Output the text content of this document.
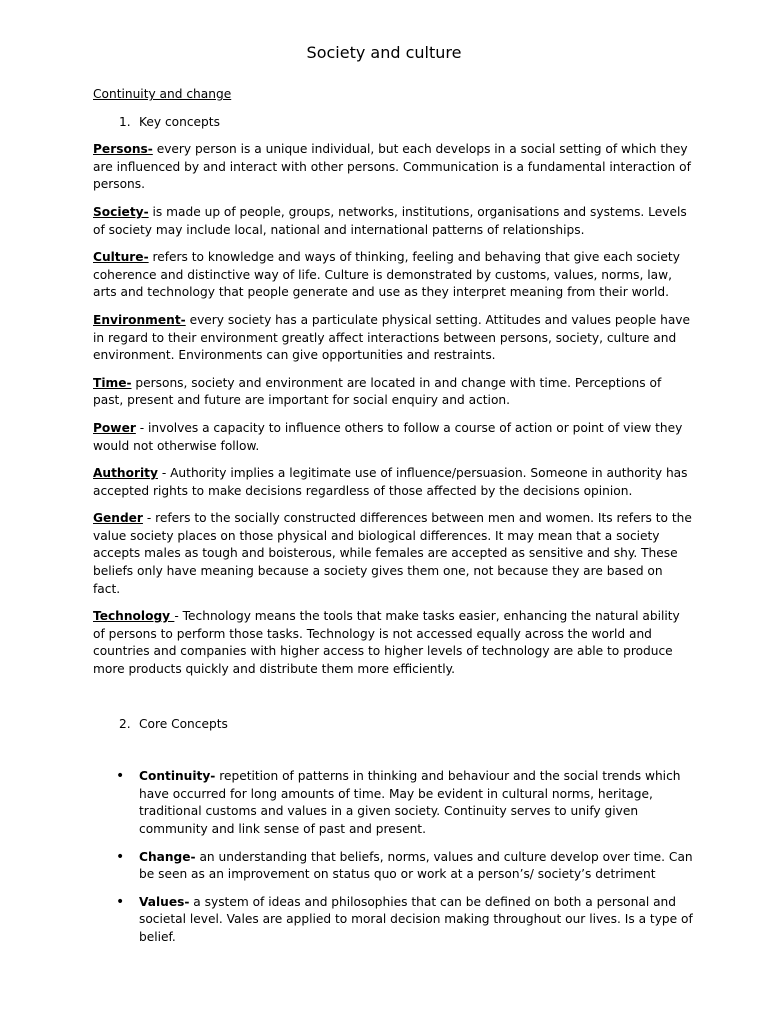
Society and culture
Continuity and change
1. Key concepts
Persons- every person is a unique individual, but each develops in a social setting of which they are influenced by and interact with other persons. Communication is a fundamental interaction of persons.
Society- is made up of people, groups, networks, institutions, organisations and systems. Levels of society may include local, national and international patterns of relationships.
Culture- refers to knowledge and ways of thinking, feeling and behaving that give each society coherence and distinctive way of life. Culture is demonstrated by customs, values, norms, law, arts and technology that people generate and use as they interpret meaning from their world.
Environment- every society has a particulate physical setting. Attitudes and values people have in regard to their environment greatly affect interactions between persons, society, culture and environment. Environments can give opportunities and restraints.
Time- persons, society and environment are located in and change with time. Perceptions of past, present and future are important for social enquiry and action.
Power - involves a capacity to influence others to follow a course of action or point of view they would not otherwise follow.
Authority - Authority implies a legitimate use of influence/persuasion. Someone in authority has accepted rights to make decisions regardless of those affected by the decisions opinion.
Gender - refers to the socially constructed differences between men and women. Its refers to the value society places on those physical and biological differences. It may mean that a society accepts males as tough and boisterous, while females are accepted as sensitive and shy. These beliefs only have meaning because a society gives them one, not because they are based on fact.
Technology - Technology means the tools that make tasks easier, enhancing the natural ability of persons to perform those tasks. Technology is not accessed equally across the world and countries and companies with higher access to higher levels of technology are able to produce more products quickly and distribute them more efficiently.
2. Core Concepts
• Continuity- repetition of patterns in thinking and behaviour and the social trends which have occurred for long amounts of time. May be evident in cultural norms, heritage, traditional customs and values in a given society. Continuity serves to unify given community and link sense of past and present.
• Change- an understanding that beliefs, norms, values and culture develop over time. Can be seen as an improvement on status quo or work at a person’s/ society’s detriment
• Values- a system of ideas and philosophies that can be defined on both a personal and societal level. Vales are applied to moral decision making throughout our lives. Is a type of belief.
